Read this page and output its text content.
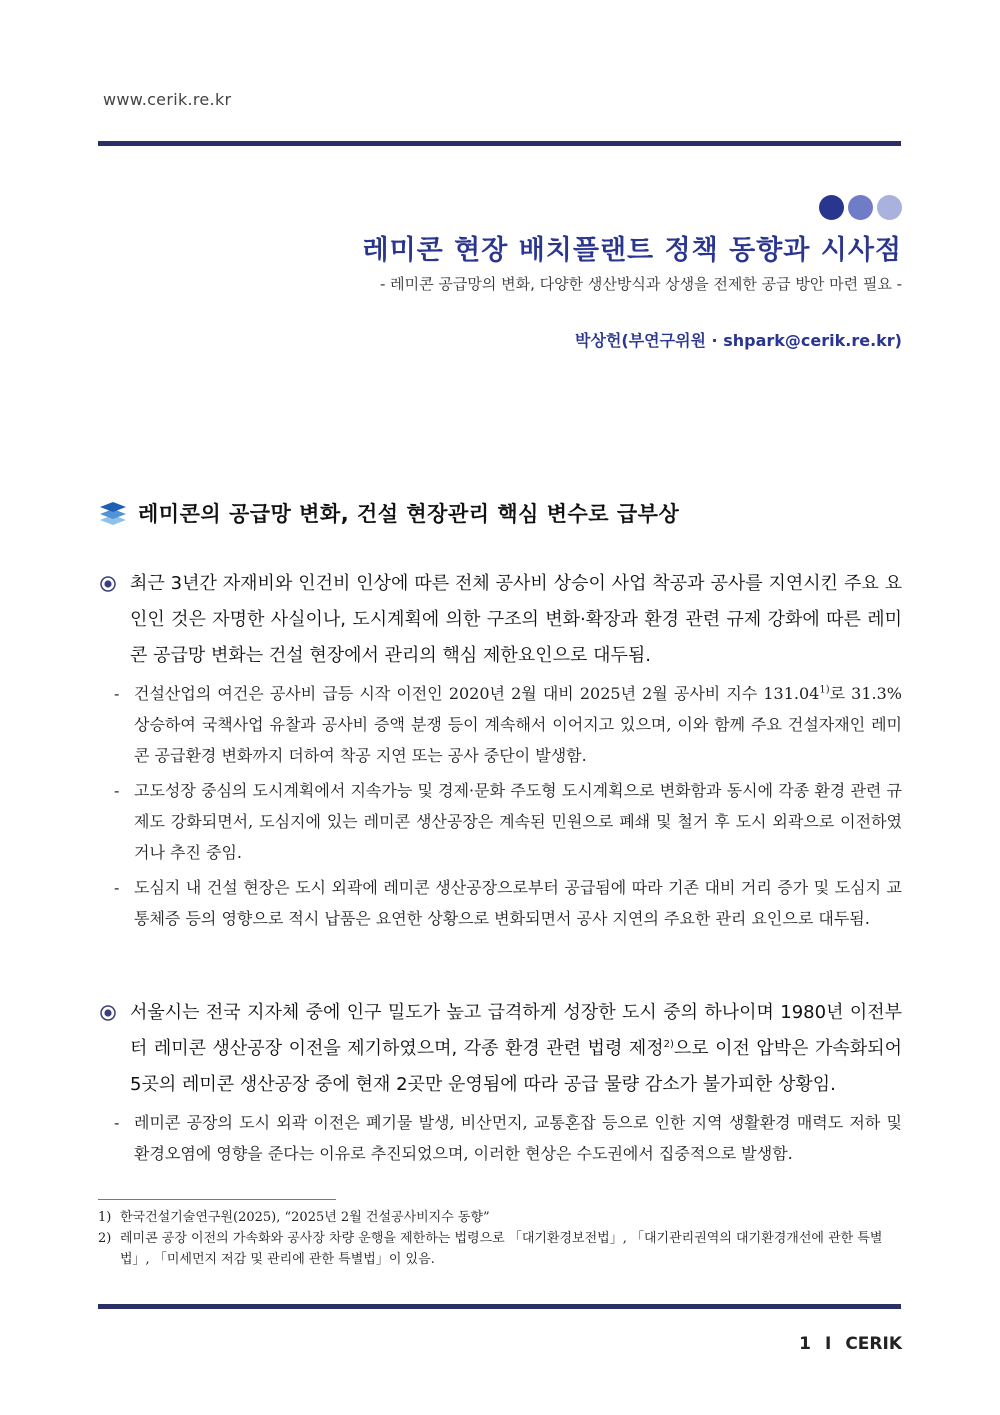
www.cerik.re.kr
레미콘 현장 배치플랜트 정책 동향과 시사점
- 레미콘 공급망의 변화, 다양한 생산방식과 상생을 전제한 공급 방안 마련 필요 -
박상헌(부연구위원 · shpark@cerik.re.kr)
레미콘의 공급망 변화, 건설 현장관리 핵심 변수로 급부상
최근 3년간 자재비와 인건비 인상에 따른 전체 공사비 상승이 사업 착공과 공사를 지연시킨 주요 요인인 것은 자명한 사실이나, 도시계획에 의한 구조의 변화·확장과 환경 관련 규제 강화에 따른 레미콘 공급망 변화는 건설 현장에서 관리의 핵심 제한요인으로 대두됨.
- 건설산업의 여건은 공사비 급등 시작 이전인 2020년 2월 대비 2025년 2월 공사비 지수 131.04$^{1)}$로 31.3% 상승하여 국책사업 유찰과 공사비 증액 분쟁 등이 계속해서 이어지고 있으며, 이와 함께 주요 건설자재인 레미콘 공급환경 변화까지 더하여 착공 지연 또는 공사 중단이 발생함.
- 고도성장 중심의 도시계획에서 지속가능 및 경제·문화 주도형 도시계획으로 변화함과 동시에 각종 환경 관련 규제도 강화되면서, 도심지에 있는 레미콘 생산공장은 계속된 민원으로 폐쇄 및 철거 후 도시 외곽으로 이전하였거나 추진 중임.
- 도심지 내 건설 현장은 도시 외곽에 레미콘 생산공장으로부터 공급됨에 따라 기존 대비 거리 증가 및 도심지 교통체증 등의 영향으로 적시 납품은 요연한 상황으로 변화되면서 공사 지연의 주요한 관리 요인으로 대두됨.
서울시는 전국 지자체 중에 인구 밀도가 높고 급격하게 성장한 도시 중의 하나이며 1980년 이전부터 레미콘 생산공장 이전을 제기하였으며, 각종 환경 관련 법령 제정$^{2)}$으로 이전 압박은 가속화되어 5곳의 레미콘 생산공장 중에 현재 2곳만 운영됨에 따라 공급 물량 감소가 불가피한 상황임.
- 레미콘 공장의 도시 외곽 이전은 폐기물 발생, 비산먼지, 교통혼잡 등으로 인한 지역 생활환경 매력도 저하 및 환경오염에 영향을 준다는 이유로 추진되었으며, 이러한 현상은 수도권에서 집중적으로 발생함.
1) 한국건설기술연구원(2025), “2025년 2월 건설공사비지수 동향”
2) 레미콘 공장 이전의 가속화와 공사장 차량 운행을 제한하는 법령으로 「대기환경보전법」, 「대기관리권역의 대기환경개선에 관한 특별법」, 「미세먼지 저감 및 관리에 관한 특별법」이 있음.
1 I CERIK
